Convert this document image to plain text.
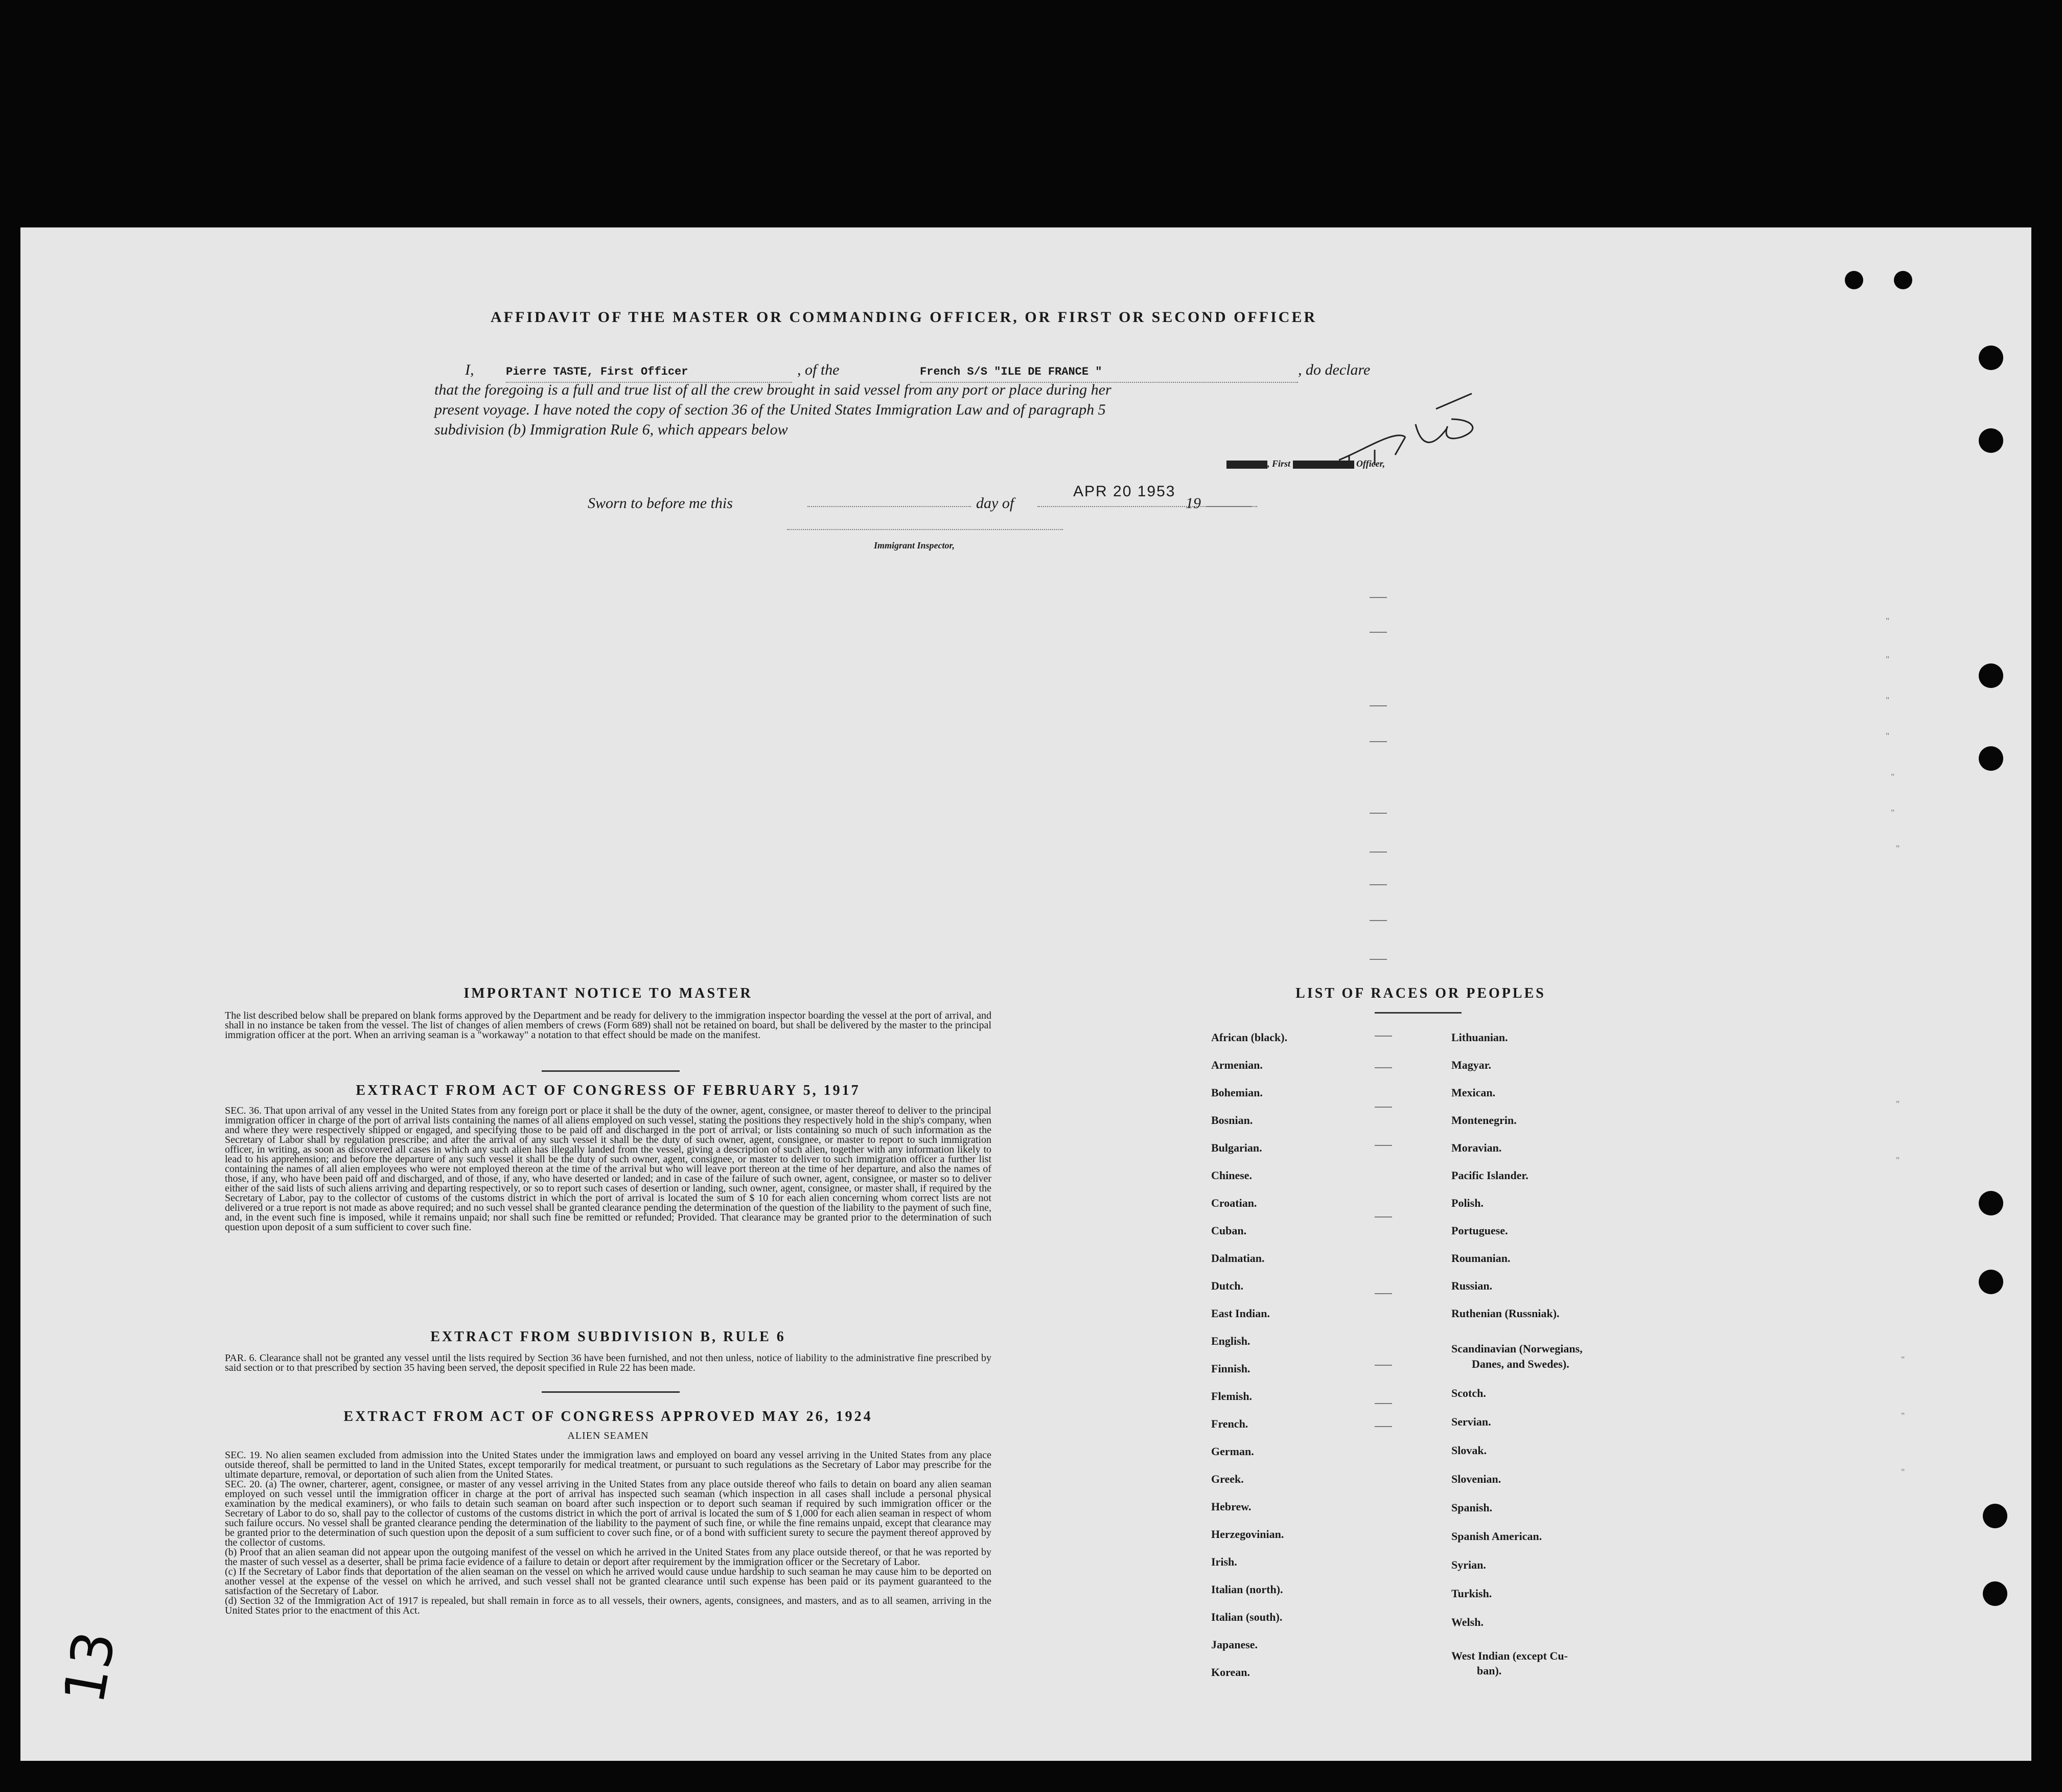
AFFIDAVIT OF THE MASTER OR COMMANDING OFFICER, OR FIRST OR SECOND OFFICER
I,	Pierre TASTE, First Officer	, of the	French S/S "ILE DE FRANCE "	, do declare
that the foregoing is a full and true list of all the crew brought in said vessel from any port or place during her
present voyage. I have noted the copy of section 36 of the United States Immigration Law and of paragraph 5
subdivision (b) Immigration Rule 6, which appears below
, First	Officer,
Sworn to before me this	day of
APR 20 1953
19
Immigrant Inspector,
IMPORTANT NOTICE TO MASTER
The list described below shall be prepared on blank forms approved by the Department and be ready for delivery to the immigration inspector boarding the vessel at the port of arrival, and shall in no instance be taken from the vessel. The list of changes of alien members of crews (Form 689) shall not be retained on board, but shall be delivered by the master to the principal immigration officer at the port. When an arriving seaman is a "workaway" a notation to that effect should be made on the manifest.
EXTRACT FROM ACT OF CONGRESS OF FEBRUARY 5, 1917
SEC. 36. That upon arrival of any vessel in the United States from any foreign port or place it shall be the duty of the owner, agent, consignee, or master thereof to deliver to the principal immigration officer in charge of the port of arrival lists containing the names of all aliens employed on such vessel, stating the positions they respectively hold in the ship's company, when and where they were respectively shipped or engaged, and specifying those to be paid off and discharged in the port of arrival; or lists containing so much of such information as the Secretary of Labor shall by regulation prescribe; and after the arrival of any such vessel it shall be the duty of such owner, agent, consignee, or master to report to such immigration officer, in writing, as soon as discovered all cases in which any such alien has illegally landed from the vessel, giving a description of such alien, together with any information likely to lead to his apprehension; and before the departure of any such vessel it shall be the duty of such owner, agent, consignee, or master to deliver to such immigration officer a further list containing the names of all alien employees who were not employed thereon at the time of the arrival but who will leave port thereon at the time of her departure, and also the names of those, if any, who have been paid off and discharged, and of those, if any, who have deserted or landed; and in case of the failure of such owner, agent, consignee, or master so to deliver either of the said lists of such aliens arriving and departing respectively, or so to report such cases of desertion or landing, such owner, agent, consignee, or master shall, if required by the Secretary of Labor, pay to the collector of customs of the customs district in which the port of arrival is located the sum of $ 10 for each alien concerning whom correct lists are not delivered or a true report is not made as above required; and no such vessel shall be granted clearance pending the determination of the question of the liability to the payment of such fine, and, in the event such fine is imposed, while it remains unpaid; nor shall such fine be remitted or refunded; Provided. That clearance may be granted prior to the determination of such question upon deposit of a sum sufficient to cover such fine.
EXTRACT FROM SUBDIVISION B, RULE 6
PAR. 6. Clearance shall not be granted any vessel until the lists required by Section 36 have been furnished, and not then unless, notice of liability to the administrative fine prescribed by said section or to that prescribed by section 35 having been served, the deposit specified in Rule 22 has been made.
EXTRACT FROM ACT OF CONGRESS APPROVED MAY 26, 1924
ALIEN SEAMEN
SEC. 19. No alien seamen excluded from admission into the United States under the immigration laws and employed on board any vessel arriving in the United States from any place outside thereof, shall be permitted to land in the United States, except temporarily for medical treatment, or pursuant to such regulations as the Secretary of Labor may prescribe for the ultimate departure, removal, or deportation of such alien from the United States.
SEC. 20. (a) The owner, charterer, agent, consignee, or master of any vessel arriving in the United States from any place outside thereof who fails to detain on board any alien seaman employed on such vessel until the immigration officer in charge at the port of arrival has inspected such seaman (which inspection in all cases shall include a personal physical examination by the medical examiners), or who fails to detain such seaman on board after such inspection or to deport such seaman if required by such immigration officer or the Secretary of Labor to do so, shall pay to the collector of customs of the customs district in which the port of arrival is located the sum of $ 1,000 for each alien seaman in respect of whom such failure occurs. No vessel shall be granted clearance pending the determination of the liability to the payment of such fine, or while the fine remains unpaid, except that clearance may be granted prior to the determination of such question upon the deposit of a sum sufficient to cover such fine, or of a bond with sufficient surety to secure the payment thereof approved by the collector of customs.
(b) Proof that an alien seaman did not appear upon the outgoing manifest of the vessel on which he arrived in the United States from any place outside thereof, or that he was reported by the master of such vessel as a deserter, shall be prima facie evidence of a failure to detain or deport after requirement by the immigration officer or the Secretary of Labor.
(c) If the Secretary of Labor finds that deportation of the alien seaman on the vessel on which he arrived would cause undue hardship to such seaman he may cause him to be deported on another vessel at the expense of the vessel on which he arrived, and such vessel shall not be granted clearance until such expense has been paid or its payment guaranteed to the satisfaction of the Secretary of Labor.
(d) Section 32 of the Immigration Act of 1917 is repealed, but shall remain in force as to all vessels, their owners, agents, consignees, and masters, and as to all seamen, arriving in the United States prior to the enactment of this Act.
LIST OF RACES OR PEOPLES
African (black).
Armenian.
Bohemian.
Bosnian.
Bulgarian.
Chinese.
Croatian.
Cuban.
Dalmatian.
Dutch.
East Indian.
English.
Finnish.
Flemish.
French.
German.
Greek.
Hebrew.
Herzegovinian.
Irish.
Italian (north).
Italian (south).
Japanese.
Korean.
Lithuanian.
Magyar.
Mexican.
Montenegrin.
Moravian.
Pacific Islander.
Polish.
Portuguese.
Roumanian.
Russian.
Ruthenian (Russniak).
Scandinavian (Norwegians,
Danes, and Swedes).
Scotch.
Servian.
Slovak.
Slovenian.
Spanish.
Spanish American.
Syrian.
Turkish.
Welsh.
West Indian (except Cu-
ban).
"
"
"
"
"
"
"
"
"
"
"
"
13
